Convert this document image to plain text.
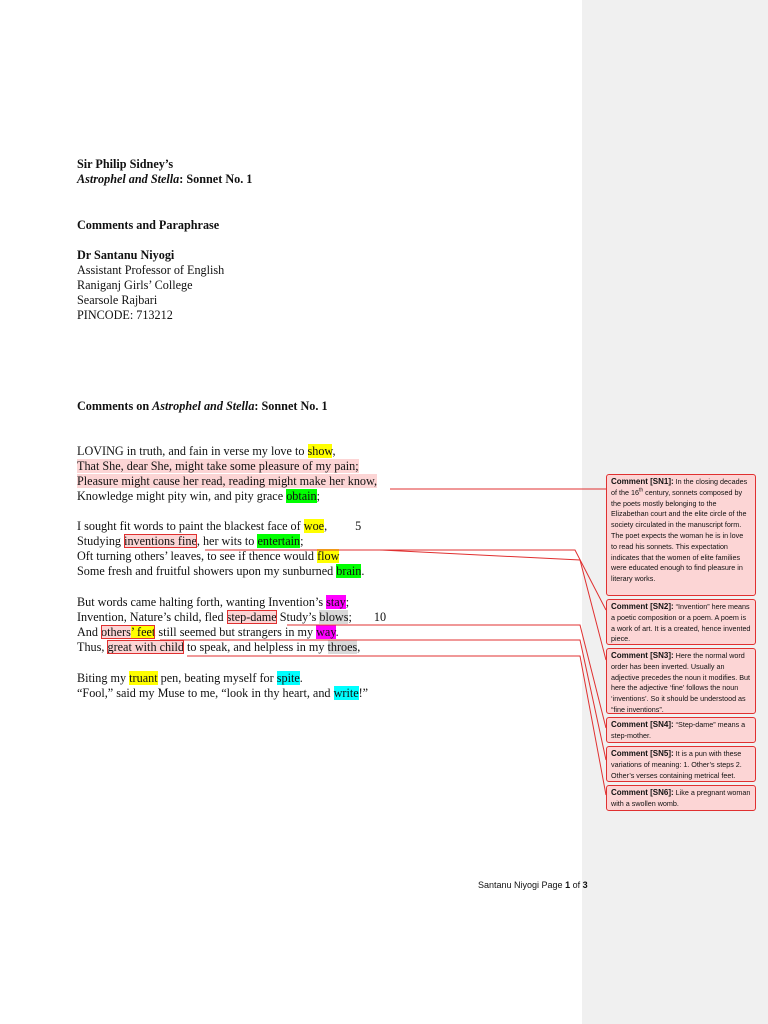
Sir Philip Sidney’s
Astrophel and Stella: Sonnet No. 1
Comments and Paraphrase
Dr Santanu Niyogi
Assistant Professor of English
Raniganj Girls’ College
Searsole Rajbari
PINCODE: 713212
Comments on Astrophel and Stella: Sonnet No. 1
LOVING in truth, and fain in verse my love to show,
That She, dear She, might take some pleasure of my pain;
Pleasure might cause her read, reading might make her know,
Knowledge might pity win, and pity grace obtain;
I sought fit words to paint the blackest face of woe, 5
Studying inventions fine, her wits to entertain;
Oft turning others’ leaves, to see if thence would flow
Some fresh and fruitful showers upon my sunburned brain.
But words came halting forth, wanting Invention’s stay;
Invention, Nature’s child, fled step-dame Study’s blows; 10
And others’ feet still seemed but strangers in my way.
Thus, great with child to speak, and helpless in my throes,
Biting my truant pen, beating myself for spite.
“Fool,” said my Muse to me, “look in thy heart, and write!”
Santanu Niyogi Page 1 of 3
Comment [SN1]: In the closing decades of the 16th century, sonnets composed by the poets mostly belonging to the Elizabethan court and the elite circle of the society circulated in the manuscript form.
The poet expects the woman he is in love to read his sonnets. This expectation indicates that the women of elite families were educated enough to find pleasure in literary works.
Comment [SN2]: “Invention” here means a poetic composition or a poem. A poem is a work of art. It is a created, hence invented piece.
Comment [SN3]: Here the normal word order has been inverted. Usually an adjective precedes the noun it modifies. But here the adjective ‘fine’ follows the noun ‘inventions’. So it should be understood as “fine inventions”.
Comment [SN4]: “Step-dame” means a step-mother.
Comment [SN5]: It is a pun with these variations of meaning: 1. Other’s steps 2. Other’s verses containing metrical feet.
Comment [SN6]: Like a pregnant woman with a swollen womb.
